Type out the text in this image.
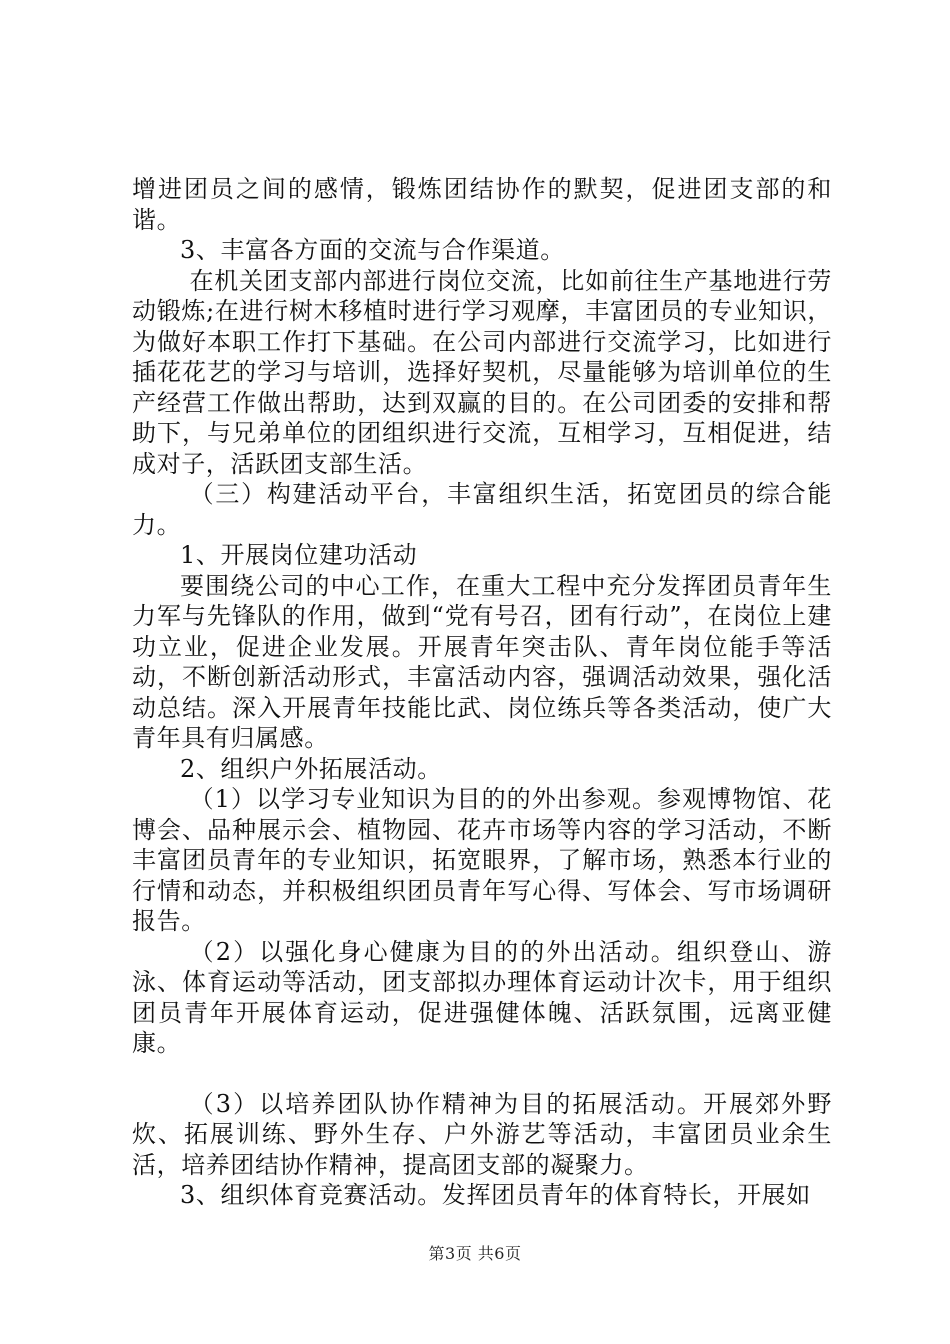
增进团员之间的感情，锻炼团结协作的默契，促进团支部的和谐。

3、丰富各方面的交流与合作渠道。

在机关团支部内部进行岗位交流，比如前往生产基地进行劳动锻炼;在进行树木移植时进行学习观摩，丰富团员的专业知识，为做好本职工作打下基础。在公司内部进行交流学习，比如进行插花花艺的学习与培训，选择好契机，尽量能够为培训单位的生产经营工作做出帮助，达到双赢的目的。在公司团委的安排和帮助下，与兄弟单位的团组织进行交流，互相学习，互相促进，结成对子，活跃团支部生活。

（三）构建活动平台，丰富组织生活，拓宽团员的综合能力。

1、开展岗位建功活动

要围绕公司的中心工作，在重大工程中充分发挥团员青年生力军与先锋队的作用，做到“党有号召，团有行动”，在岗位上建功立业，促进企业发展。开展青年突击队、青年岗位能手等活动，不断创新活动形式，丰富活动内容，强调活动效果，强化活动总结。深入开展青年技能比武、岗位练兵等各类活动，使广大青年具有归属感。

2、组织户外拓展活动。

（1）以学习专业知识为目的的外出参观。参观博物馆、花博会、品种展示会、植物园、花卉市场等内容的学习活动，不断丰富团员青年的专业知识，拓宽眼界，了解市场，熟悉本行业的行情和动态，并积极组织团员青年写心得、写体会、写市场调研报告。

（2）以强化身心健康为目的的外出活动。组织登山、游泳、体育运动等活动，团支部拟办理体育运动计次卡，用于组织团员青年开展体育运动，促进强健体魄、活跃氛围，远离亚健康。

（3）以培养团队协作精神为目的拓展活动。开展郊外野炊、拓展训练、野外生存、户外游艺等活动，丰富团员业余生活，培养团结协作精神，提高团支部的凝聚力。

3、组织体育竞赛活动。发挥团员青年的体育特长，开展如

第3页 共6页
